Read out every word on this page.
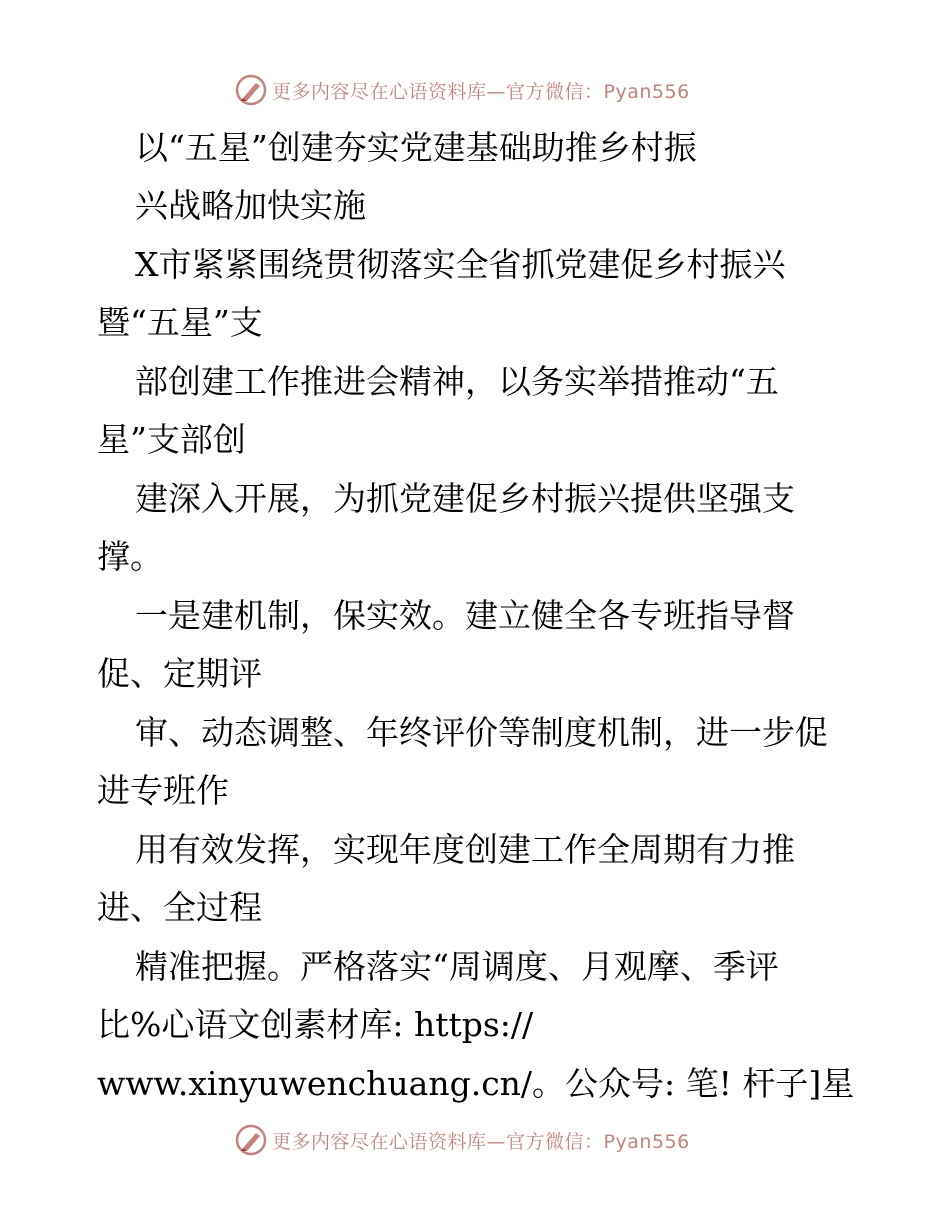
更多内容尽在心语资料库—官方微信：Pyan556
以“五星”创建夯实党建基础助推乡村振
兴战略加快实施
X市紧紧围绕贯彻落实全省抓党建促乡村振兴
暨“五星”支
部创建工作推进会精神，以务实举措推动“五
星”支部创
建深入开展，为抓党建促乡村振兴提供坚强支
撑。
一是建机制，保实效。建立健全各专班指导督
促、定期评
审、动态调整、年终评价等制度机制，进一步促
进专班作
用有效发挥，实现年度创建工作全周期有力推
进、全过程
精准把握。严格落实“周调度、月观摩、季评
比%心语文创素材库: https://
www.xinyuwenchuang.cn/。公众号: 笔! 杆子]星
更多内容尽在心语资料库—官方微信：Pyan556
